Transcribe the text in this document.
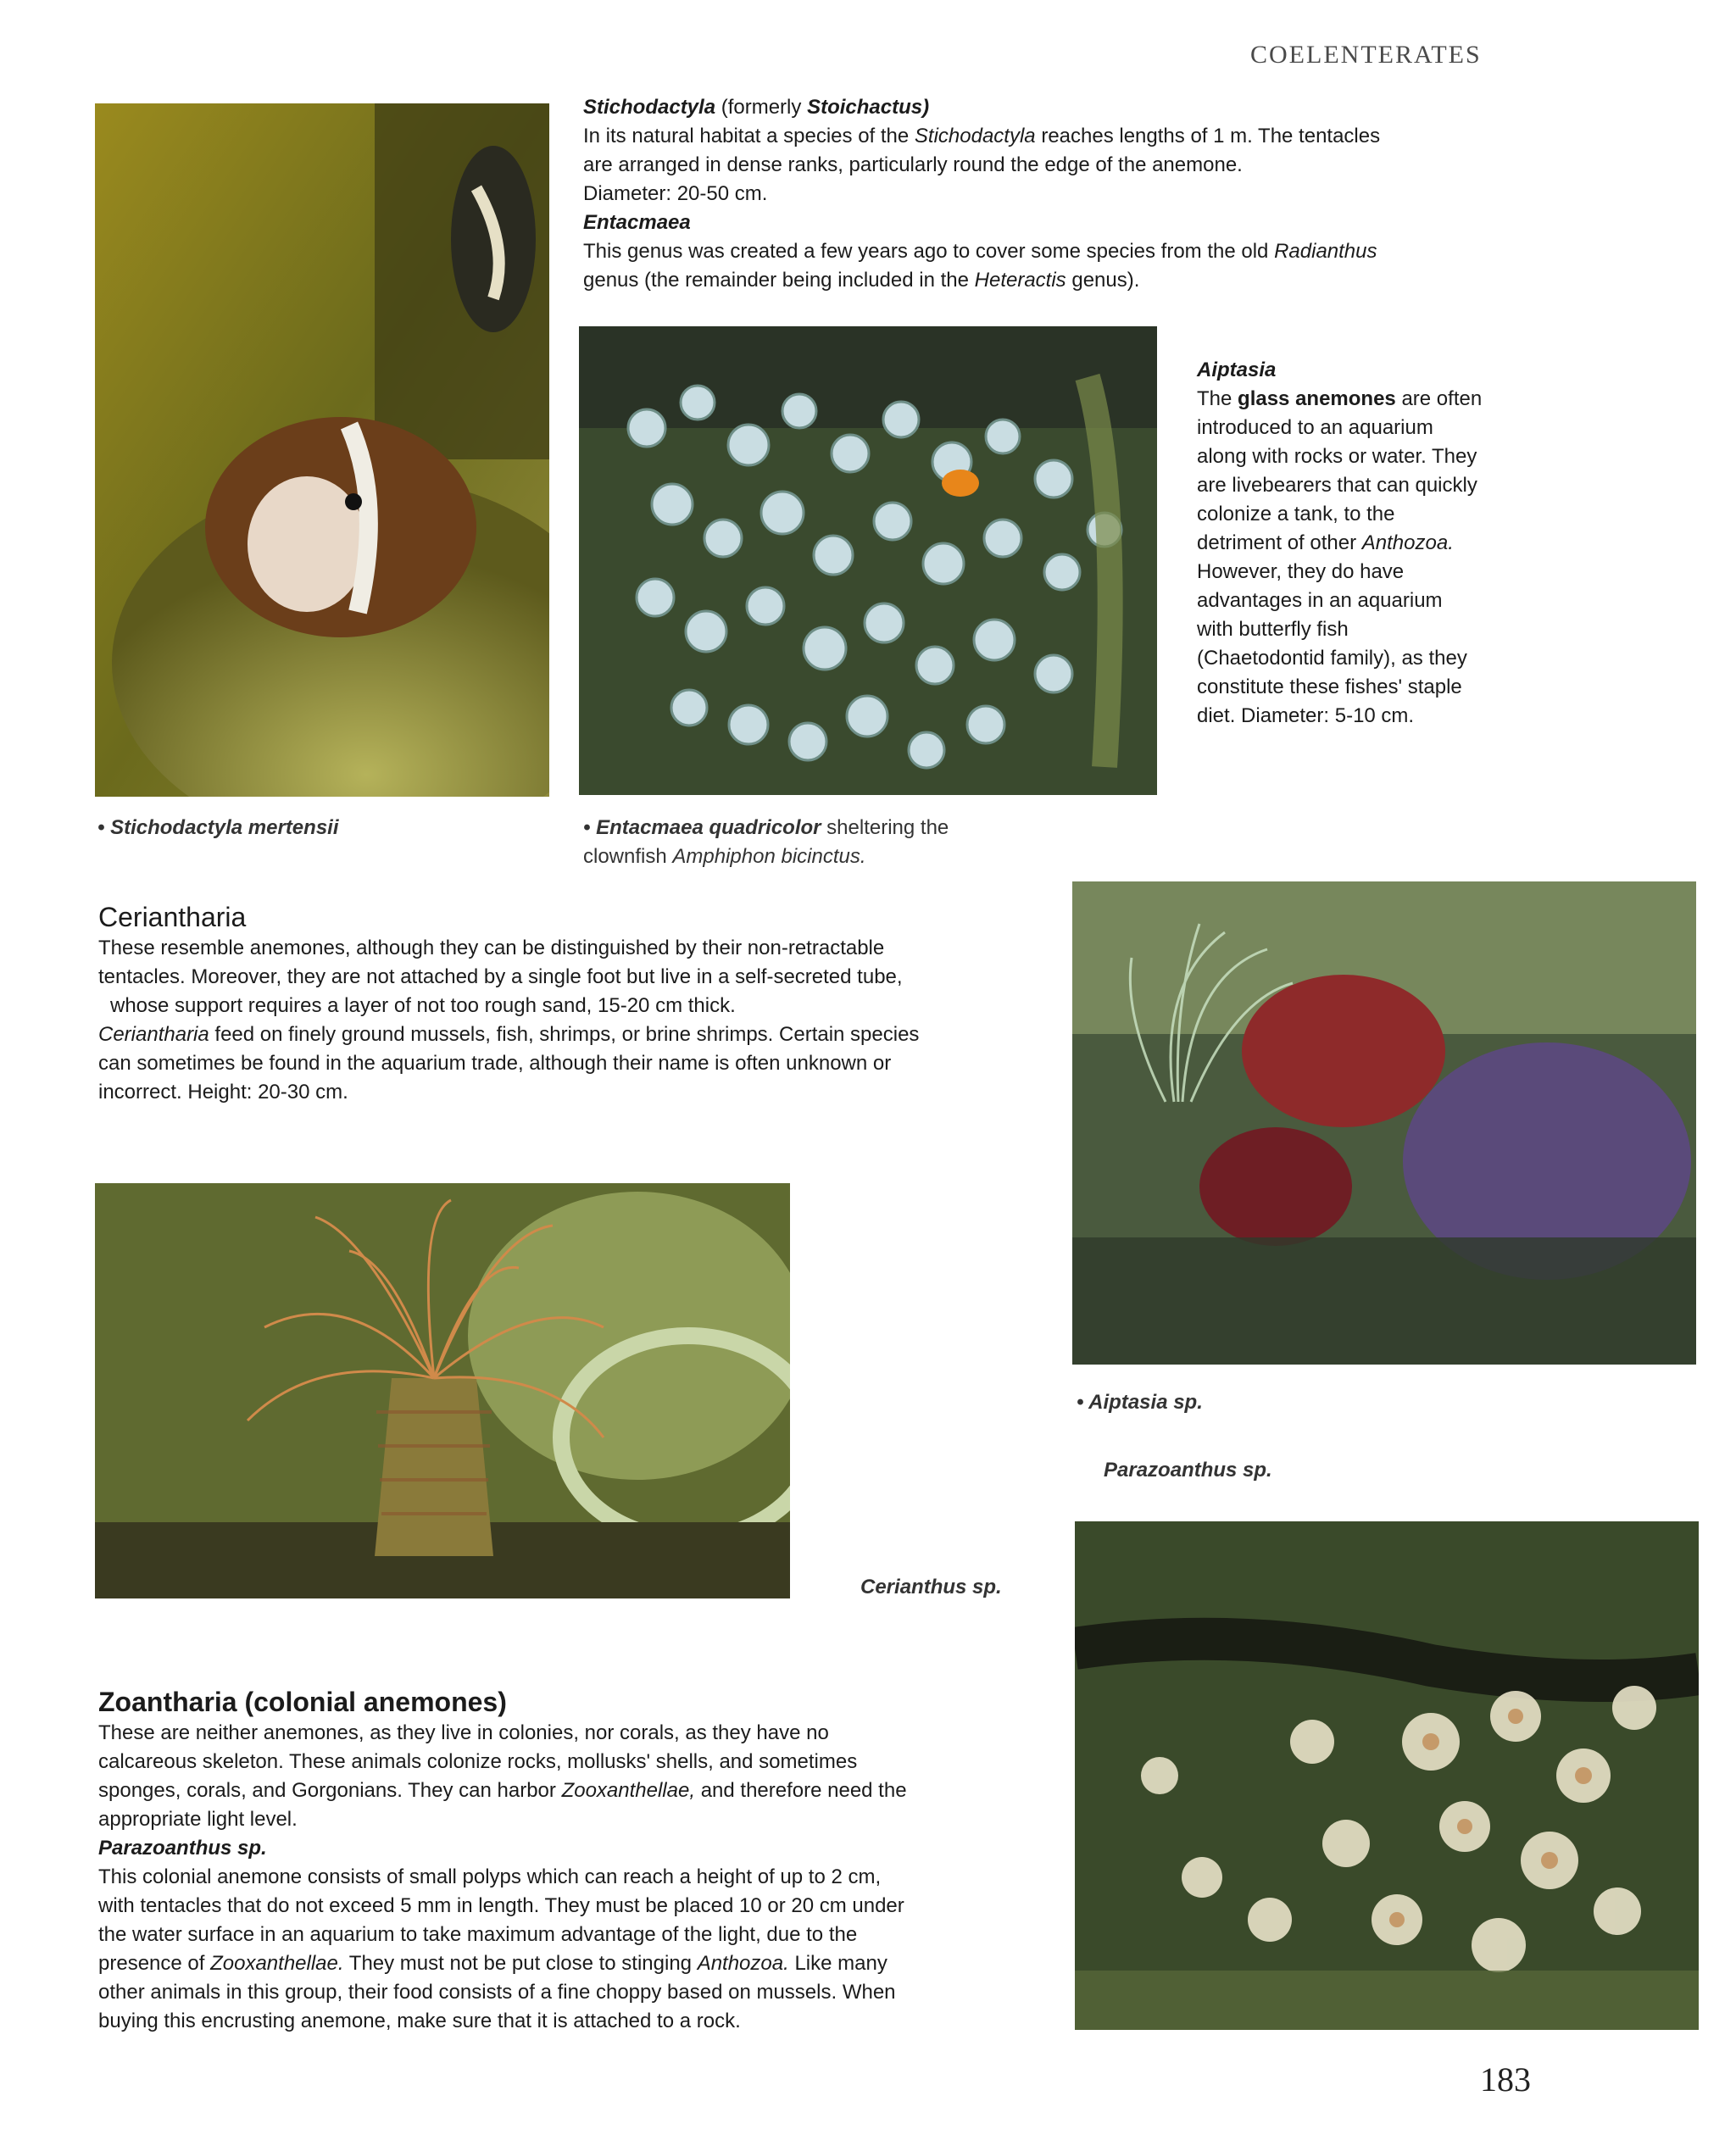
COELENTERATES

Stichodactyla (formerly Stoichactus)

In its natural habitat a species of the Stichodactyla reaches lengths of 1 m. The tentacles

are arranged in dense ranks, particularly round the edge of the anemone.

Diameter: 20-50 cm.

Entacmaea

This genus was created a few years ago to cover some species from the old Radianthus

genus (the remainder being included in the Heteractis genus).

Aiptasia

The glass anemones are often

introduced to an aquarium

along with rocks or water. They

are livebearers that can quickly

colonize a tank, to the

detriment of other Anthozoa.

However, they do have

advantages in an aquarium

with butterfly fish

(Chaetodontid family), as they

constitute these fishes' staple

diet. Diameter: 5-10 cm.

• Stichodactyla mertensii	• Entacmaea quadricolor sheltering the
clownfish Amphiphon bicinctus.
Ceriantharia

These resemble anemones, although they can be distinguished by their non-retractable

tentacles. Moreover, they are not attached by a single foot but live in a self-secreted tube,

whose support requires a layer of not too rough sand, 15-20 cm thick.

Ceriantharia feed on finely ground mussels, fish, shrimps, or brine shrimps. Certain species

can sometimes be found in the aquarium trade, although their name is often unknown or

incorrect. Height: 20-30 cm.

• Aiptasia sp.
Parazoanthus sp.
Cerianthus sp.
Zoantharia (colonial anemones)

These are neither anemones, as they live in colonies, nor corals, as they have no

calcareous skeleton. These animals colonize rocks, mollusks' shells, and sometimes

sponges, corals, and Gorgonians. They can harbor Zooxanthellae, and therefore need the

appropriate light level.

Parazoanthus sp.

This colonial anemone consists of small polyps which can reach a height of up to 2 cm,

with tentacles that do not exceed 5 mm in length. They must be placed 10 or 20 cm under

the water surface in an aquarium to take maximum advantage of the light, due to the

presence of Zooxanthellae. They must not be put close to stinging Anthozoa. Like many

other animals in this group, their food consists of a fine choppy based on mussels. When

buying this encrusting anemone, make sure that it is attached to a rock.

183
